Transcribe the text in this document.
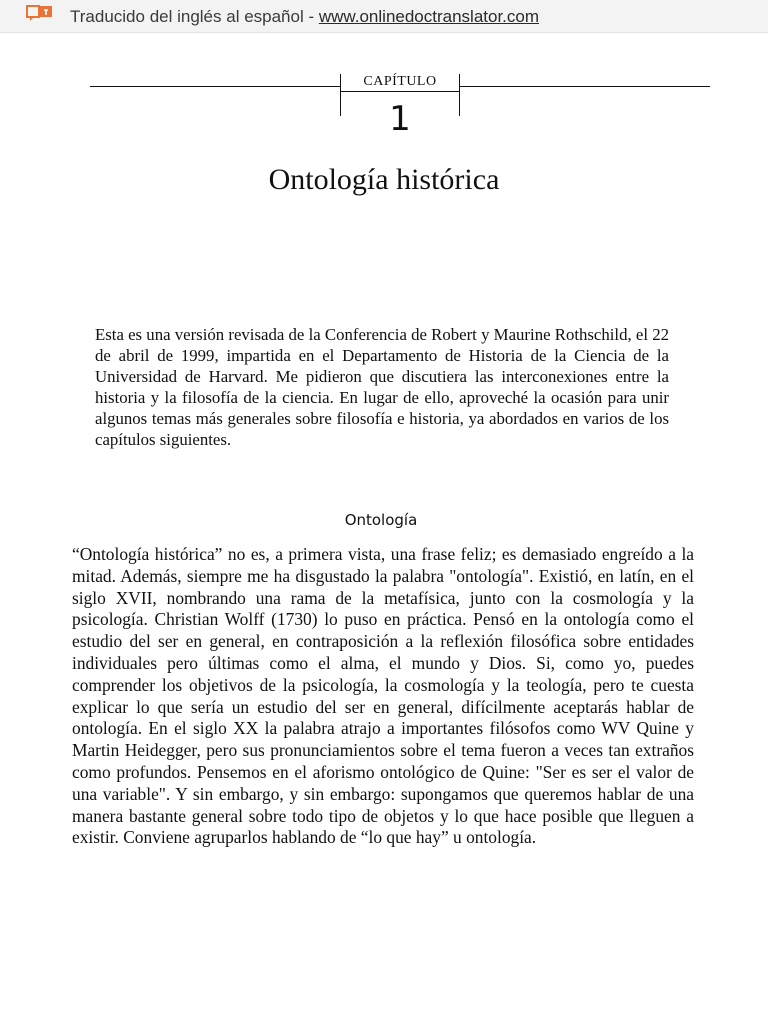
Traducido del inglés al español - www.onlinedoctranslator.com
CAPÍTULO
1
Ontología histórica

Esta es una versión revisada de la Conferencia de Robert y Maurine Rothschild, el 22 de abril de 1999, impartida en el Departamento de Historia de la Ciencia de la Universidad de Harvard. Me pidieron que discutiera las interconexiones entre la historia y la filosofía de la ciencia. En lugar de ello, aproveché la ocasión para unir algunos temas más generales sobre filosofía e historia, ya abordados en varios de los capítulos siguientes.

Ontología

“Ontología histórica” no es, a primera vista, una frase feliz; es demasiado engreído a la mitad. Además, siempre me ha disgustado la palabra "ontología". Existió, en latín, en el siglo XVII, nombrando una rama de la metafísica, junto con la cosmología y la psicología. Christian Wolff (1730) lo puso en práctica. Pensó en la ontología como el estudio del ser en general, en contraposición a la reflexión filosófica sobre entidades individuales pero últimas como el alma, el mundo y Dios. Si, como yo, puedes comprender los objetivos de la psicología, la cosmología y la teología, pero te cuesta explicar lo que sería un estudio del ser en general, difícilmente aceptarás hablar de ontología. En el siglo XX la palabra atrajo a importantes filósofos como WV Quine y Martin Heidegger, pero sus pronunciamientos sobre el tema fueron a veces tan extraños como profundos. Pensemos en el aforismo ontológico de Quine: "Ser es ser el valor de una variable". Y sin embargo, y sin embargo: supongamos que queremos hablar de una manera bastante general sobre todo tipo de objetos y lo que hace posible que lleguen a existir. Conviene agruparlos hablando de “lo que hay” u ontología.
